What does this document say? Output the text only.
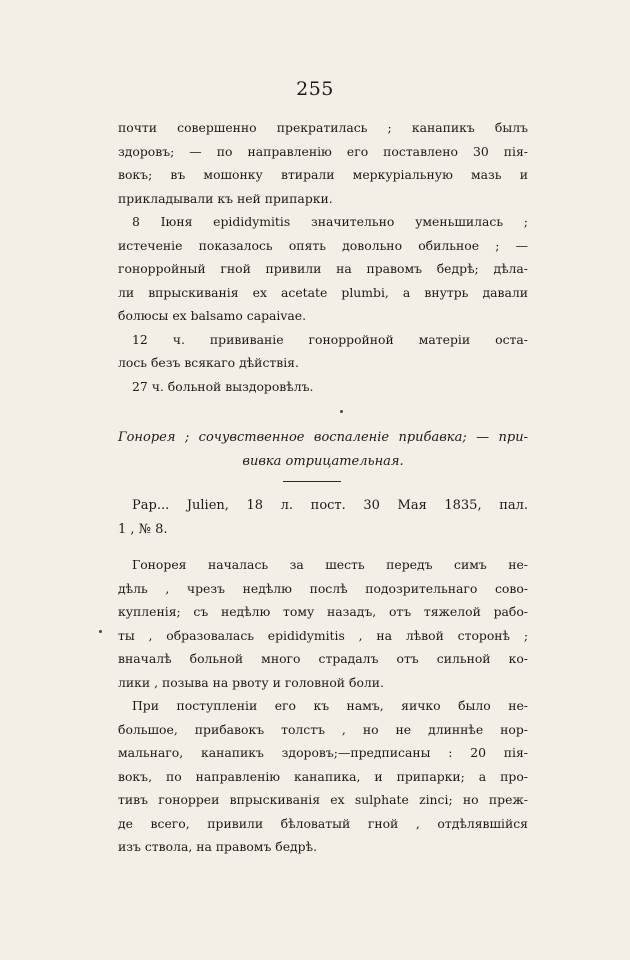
255
почти совершенно прекратилась ; канапикъ былъ
здоровъ; — по направленію его поставлено 30 пія-
вокъ; въ мошонку втирали меркуріальную мазь и
прикладывали къ ней припарки.
8 Іюня epididymitis значительно уменьшилась ;
истеченіе показалось опять довольно обильное ; —
гонорройный гной привили на правомъ бедрѣ; дѣла-
ли впрыскиванія ex acetate plumbi, а внутрь давали
болюсы ex balsamo capaivae.
12 ч. прививаніе гонорройной матеріи оста-
лось безъ всякаго дѣйствія.
27 ч. больной выздоровѣлъ.
Гонорея ; сочувственное воспаленіе прибавка; — при-
вивка отрицательная.
Рар... Julien, 18 л. пост. 30 Мая 1835, пал.
1 , № 8.
Гонорея началась за шесть передъ симъ не-
дѣль , чрезъ недѣлю послѣ подозрительнаго сово-
купленія; съ недѣлю тому назадъ, отъ тяжелой рабо-
ты , образовалась epididymitis , на лѣвой сторонѣ ;
вначалѣ больной много страдалъ отъ сильной ко-
лики , позыва на рвоту и головной боли.
При поступленіи его къ намъ, яичко было не-
большое, прибавокъ толстъ , но не длиннѣе нор-
мальнаго, канапикъ здоровъ;—предписаны : 20 пія-
вокъ, по направленію канапика, и припарки; а про-
тивъ гонорреи впрыскиванія ex sulphate zinci; но преж-
де всего, привили бѣловатый гной , отдѣлявшійся
изъ ствола, на правомъ бедрѣ.
